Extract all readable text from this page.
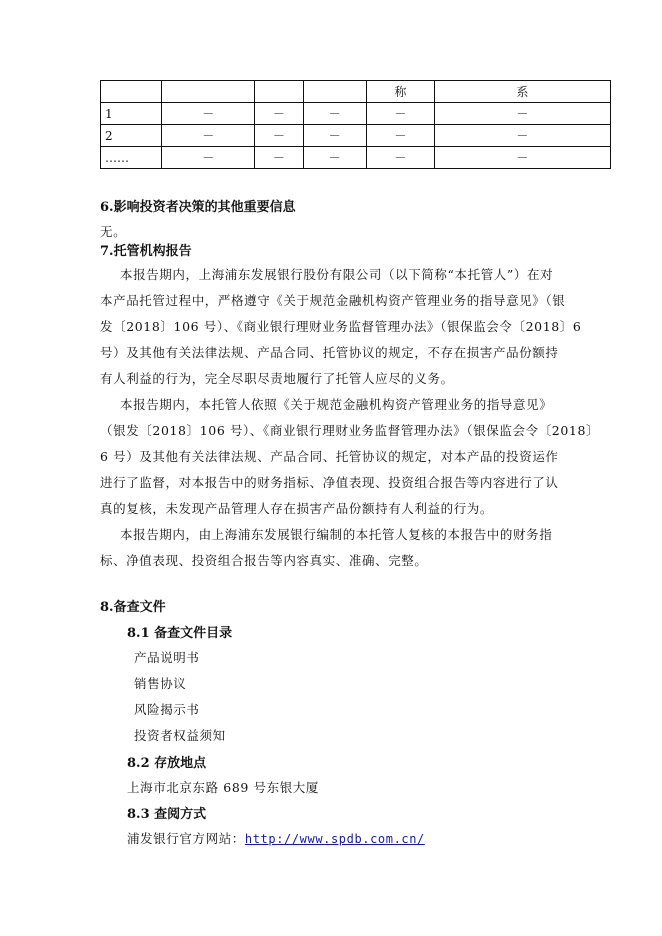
				称	系
1	－	－	－	－	－
2	－	－	－	－	－
……	－	－	－	－	－
6.影响投资者决策的其他重要信息
无。
7.托管机构报告
本报告期内，上海浦东发展银行股份有限公司（以下简称“本托管人”）在对
本产品托管过程中，严格遵守《关于规范金融机构资产管理业务的指导意见》（银
发〔2018〕106 号）、《商业银行理财业务监督管理办法》（银保监会令〔2018〕6
号）及其他有关法律法规、产品合同、托管协议的规定，不存在损害产品份额持
有人利益的行为，完全尽职尽责地履行了托管人应尽的义务。
本报告期内，本托管人依照《关于规范金融机构资产管理业务的指导意见》
（银发〔2018〕106 号）、《商业银行理财业务监督管理办法》（银保监会令〔2018〕
6 号）及其他有关法律法规、产品合同、托管协议的规定，对本产品的投资运作
进行了监督，对本报告中的财务指标、净值表现、投资组合报告等内容进行了认
真的复核，未发现产品管理人存在损害产品份额持有人利益的行为。
本报告期内，由上海浦东发展银行编制的本托管人复核的本报告中的财务指
标、净值表现、投资组合报告等内容真实、准确、完整。
8.备查文件
8.1 备查文件目录
产品说明书
销售协议
风险揭示书
投资者权益须知
8.2 存放地点
上海市北京东路 689 号东银大厦
8.3 查阅方式
浦发银行官方网站：http://www.spdb.com.cn/
